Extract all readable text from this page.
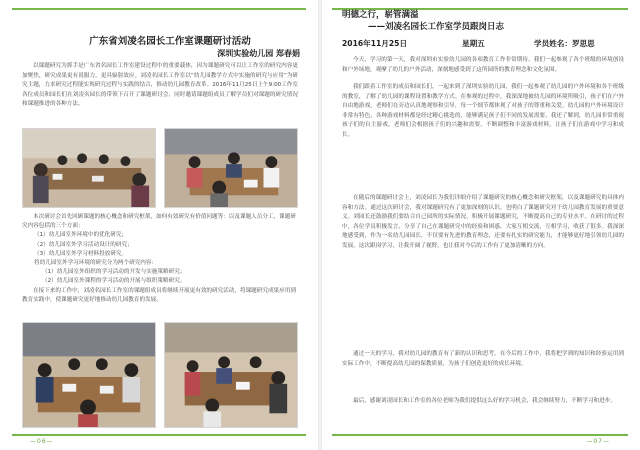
广东省刘凌名园长工作室课题研讨活动
深圳实验幼儿园 郑春娟
以课题研究为抓手是广东省名园长工作室建设过程中的重要载体，因为课题研究可以让工作室的研究内容更加聚焦，研究成果更有说服力，更具辐射效应。刘凌名园长工作室以“幼儿园教学方式中实施的研究与应用”为研究主题，力求研究过程能实现研究过程与实践的结合，推动幼儿园教育改革。2016年11月25日上午9:00工作室各位成员和园长们在刘凌名园长的带领下召开了课题研讨会，同时邀请课题组成员了解学员们对课题的研究情况和课题推进的各种方法。
本次研讨会首先回顾课题的核心概念和研究框架，如何有效研究有价值问题等：以及课题人员分工，课题研究内容包括的三个方面：
（1）幼儿园室外环境中的优化研究；
（2）幼儿园室外学习活动设计的研究；
（3）幼儿园室外学习材料投放研究。
将幼儿园室外学习环境的研究分为两个研究内容：
（1）幼儿园室外组织的学习活动的开发与实施策略研究；
（2）幼儿园室外课程的学习活动的开展与组织策略研究。
在接下来的工作中，刘凌名园长工作室的课题组成员将继续开展更有效的研究活动，将课题研究成果应用到教育实践中，使课题研究更好地推动幼儿园教育的发展。
—06—
明德之行，崭管满溢
——刘凌名园长工作室学员跟岗日志
2016年11月25日	星期五	学员姓名：罗思思
今天，学习的第一天，我对深圳市实验幼儿园的各项教育工作非常期待。我们一起参观了各个班级的环境创设和户外场地，观摩了幼儿的户外活动，深刻地感受到了这所园所的教育理念和文化氛围。
我们跟着工作室的成员和园长们，一起来到了深圳实验幼儿园，我们一起参观了幼儿园的户外环境和各个班级的教室，了解了幼儿园的课程设置和教学方式。在参观的过程中，我深深地被幼儿园的环境所吸引，孩子们在户外自由地游戏，老师们在旁边认真地观察和引导，每一个细节都体现了对孩子的尊重和关爱。幼儿园的户外环境设计非常有特色，各种游戏材料都是经过精心挑选的，能够满足孩子们不同的发展需要。我还了解到，幼儿园非常重视孩子们的自主游戏，老师们会根据孩子们的兴趣和需要，不断调整和丰富游戏材料，让孩子们在游戏中学习和成长。
在随后的课题研讨会上，刘凌园长为我们详细介绍了课题研究的核心概念和研究框架，以及课题研究的具体内容和方法。通过这次研讨会，我对课题研究有了更加深刻的认识，也明白了课题研究对于幼儿园教育发展的重要意义。刘园长还鼓励我们要结合自己园所的实际情况，积极开展课题研究，不断提高自己的专业水平。在研讨的过程中，各位学员积极发言，分享了自己在课题研究中的经验和困惑，大家互相交流，互相学习，收获了很多。我深深地感受到，作为一名幼儿园园长，不仅要有先进的教育理念，还要有扎实的研究能力，才能够更好地引领幼儿园的发展。这次跟岗学习，让我开阔了视野，也让我对今后的工作有了更加清晰的方向。
通过一天的学习，我对幼儿园的教育有了新的认识和思考。在今后的工作中，我将把学到的知识和经验运用到实际工作中，不断提高幼儿园的保教质量，为孩子们创造更好的成长环境。
最后，感谢刘凌园长和工作室的各位老师为我们提供这么好的学习机会，我会继续努力，不断学习和进步。
—07—
